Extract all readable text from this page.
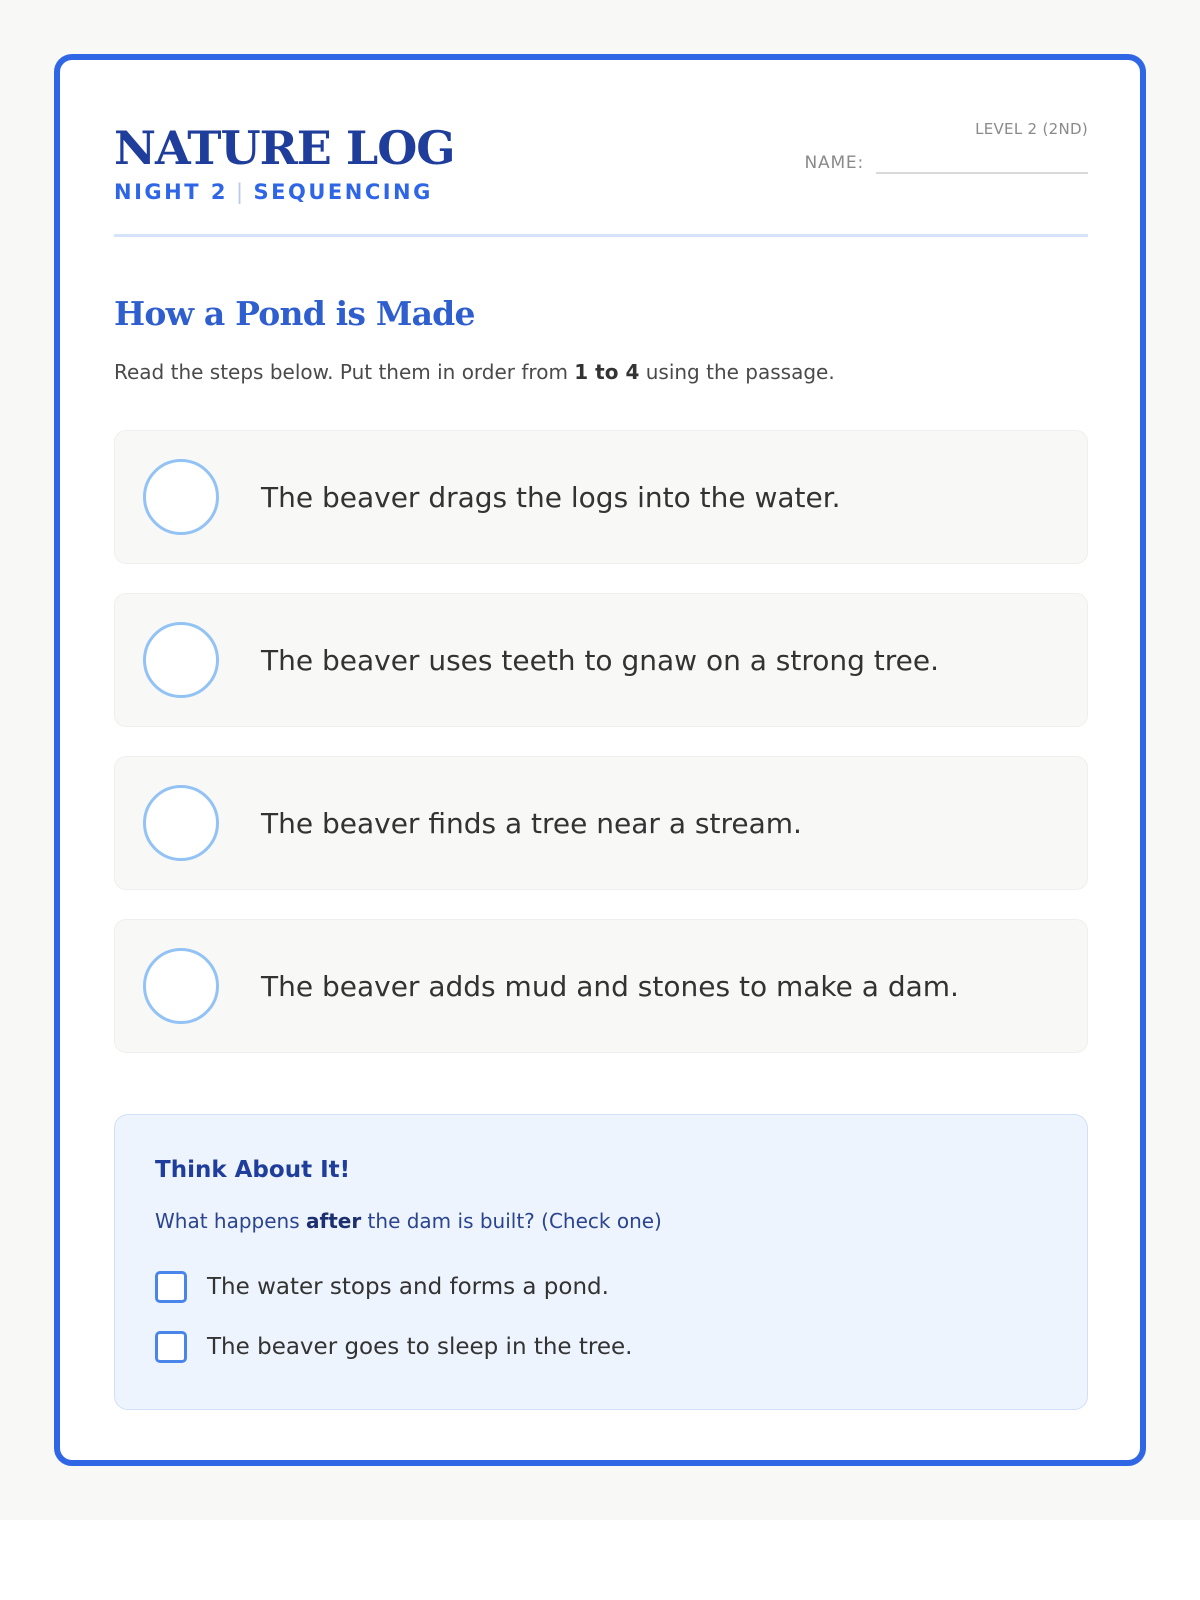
NATURE LOG
NIGHT 2 | SEQUENCING
LEVEL 2 (2ND)
NAME:
How a Pond is Made
Read the steps below. Put them in order from 1 to 4 using the passage.
The beaver drags the logs into the water.
The beaver uses teeth to gnaw on a strong tree.
The beaver finds a tree near a stream.
The beaver adds mud and stones to make a dam.
Think About It!
What happens after the dam is built? (Check one)
The water stops and forms a pond.
The beaver goes to sleep in the tree.
